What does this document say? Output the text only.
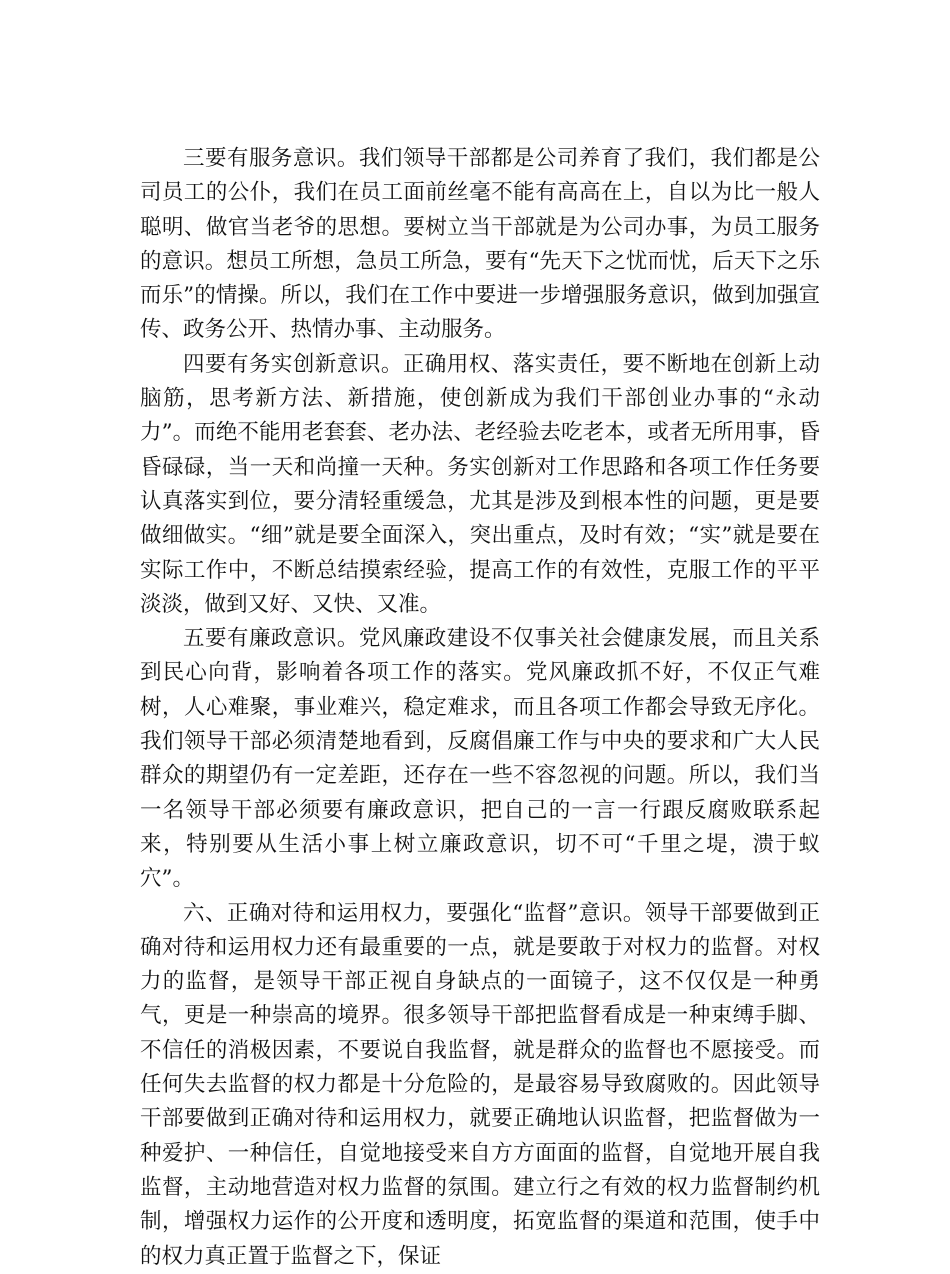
三要有服务意识。我们领导干部都是公司养育了我们，我们都是公司员工的公仆，我们在员工面前丝毫不能有高高在上，自以为比一般人聪明、做官当老爷的思想。要树立当干部就是为公司办事，为员工服务的意识。想员工所想，急员工所急，要有“先天下之忧而忧，后天下之乐而乐”的情操。所以，我们在工作中要进一步增强服务意识，做到加强宣传、政务公开、热情办事、主动服务。

四要有务实创新意识。正确用权、落实责任，要不断地在创新上动脑筋，思考新方法、新措施，使创新成为我们干部创业办事的“永动力”。而绝不能用老套套、老办法、老经验去吃老本，或者无所用事，昏昏碌碌，当一天和尚撞一天种。务实创新对工作思路和各项工作任务要认真落实到位，要分清轻重缓急，尤其是涉及到根本性的问题，更是要做细做实。“细”就是要全面深入，突出重点，及时有效；“实”就是要在实际工作中，不断总结摸索经验，提高工作的有效性，克服工作的平平淡淡，做到又好、又快、又准。

五要有廉政意识。党风廉政建设不仅事关社会健康发展，而且关系到民心向背，影响着各项工作的落实。党风廉政抓不好，不仅正气难树，人心难聚，事业难兴，稳定难求，而且各项工作都会导致无序化。我们领导干部必须清楚地看到，反腐倡廉工作与中央的要求和广大人民群众的期望仍有一定差距，还存在一些不容忽视的问题。所以，我们当一名领导干部必须要有廉政意识，把自己的一言一行跟反腐败联系起来，特别要从生活小事上树立廉政意识，切不可“千里之堤，溃于蚁穴”。

六、正确对待和运用权力，要强化“监督”意识。领导干部要做到正确对待和运用权力还有最重要的一点，就是要敢于对权力的监督。对权力的监督，是领导干部正视自身缺点的一面镜子，这不仅仅是一种勇气，更是一种崇高的境界。很多领导干部把监督看成是一种束缚手脚、不信任的消极因素，不要说自我监督，就是群众的监督也不愿接受。而任何失去监督的权力都是十分危险的，是最容易导致腐败的。因此领导干部要做到正确对待和运用权力，就要正确地认识监督，把监督做为一种爱护、一种信任，自觉地接受来自方方面面的监督，自觉地开展自我监督，主动地营造对权力监督的氛围。建立行之有效的权力监督制约机制，增强权力运作的公开度和透明度，拓宽监督的渠道和范围，使手中的权力真正置于监督之下，保证
